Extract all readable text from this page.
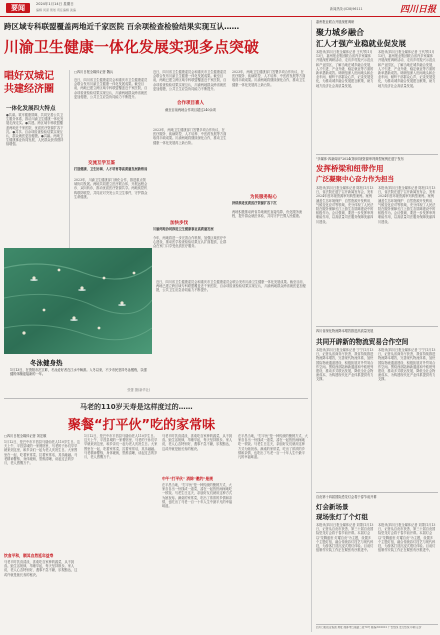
要闻	2024年1月14日 星期日
编辑 何谋 策划 责任编辑 美编	新闻热线:(028)96111	四川日报
跨区域专科联盟覆盖两地近千家医院 百余项检查检验结果实现互认……
川渝卫生健康一体化发展实现多点突破
唱好双城记
共建经济圈
一体化发展四大特点
●共谋。筑牢健康屏障，共同完善公共卫生服务体系，推动川渝卫生健康一体化发展走深走实。●共建。跨区域专科联盟覆盖两地近千家医院，优质医疗资源扩容下沉。●共享。百余项检查检验结果实现互认，群众就医更加便捷。●共赢。两地卫生健康事业协同发展，人民群众获得感持续增强。
□四川日报全媒体记者 魏兵
近日，四川省卫生健康委员会和重庆市卫生健康委员会联合发布川渝卫生健康一体化发展成果。截至目前，两地已建立跨区域专科联盟覆盖近千家医院，百余项检查检验结果实现互认，川渝两地群众跨省就医更加便捷，公共卫生应急协同能力不断提升。
交流互学互鉴
打造健康、卫生协调、人才培育等高质量发展新格局
2023年，川渝卫生健康部门深化合作，推进重点领域协同发展。两地共同建立医疗联合体，开展远程会诊、双向转诊，推动优质医疗资源共享。两地疾控机构联防联控，共同应对突发公共卫生事件，守护群众生命健康。
近日，四川省卫生健康委员会和重庆市卫生健康委员会联合发布川渝卫生健康一体化发展成果。截至目前，两地已建立跨区域专科联盟覆盖近千家医院，百余项检查检验结果实现互认，川渝两地群众跨省就医更加便捷，公共卫生应急协同能力不断提升。
合作项目喜人
截至目前两地合作项目超过240余项
2023年，两地卫生健康部门签署多项合作协议，在医疗服务、疾病防控、人才培养、中医药发展等方面取得丰硕成果。川渝两地将继续深化合作，推动卫生健康一体化发展再上新台阶。
加快步伐
川渝两地协同推进卫生健康事业高质量发展
今年，两地将进一步完善合作机制，加强区域医疗中心建设，推动医学检查检验结果互认扩面提质，让群众在家门口享受优质医疗服务。
2023年，两地卫生健康部门签署多项合作协议，在医疗服务、疾病防控、人才培养、中医药发展等方面取得丰硕成果。川渝两地将继续深化合作，推动卫生健康一体化发展再上新台阶。
为民服务贴心
持续推进优质医疗资源扩容下沉
两地积极推动跨省异地就医直接结算，优化服务流程，提升群众就医体验，共同守护巴蜀人民健康。
冬泳健身热
1月13日，在资阳市沱江畔，冬泳爱好者在江水中畅游。入冬以来，不少市民坚持冬泳锻炼，以强健的体魄迎接新的一年。
张蕾 摄(新华社)
近日，四川省卫生健康委员会和重庆市卫生健康委员会联合发布川渝卫生健康一体化发展成果。截至目前，两地已建立跨区域专科联盟覆盖近千家医院，百余项检查检验结果实现互认，川渝两地群众跨省就医更加便捷，公共卫生应急协同能力不断提升。
马老的110岁天寿是这样度过的……
聚餐“打平伙”吃的家常味
□四川日报全媒体记者 刘宏顺
1月12日，是巴中市平昌县马瑞仙老人110岁生日。这天上午，平昌县城的一家餐馆里，马老的子孙们早早就来到这里，和乡亲们一起为老人庆祝生日。大家围坐在一起，吃着家常菜，拉着家常话，其乐融融。马老精神矍铄，身体硬朗，思维清晰，谈起过去的岁月，老人感慨万千。
饮食平和，顺其自然延年益寿
马老平时饮食清淡，喜欢吃自家种的蔬菜，从不挑食。她生活规律，早睡早起，每天坚持散步。家人说，老人心态特别好，遇事不急不躁，乐观豁达，这或许就是她长寿的秘诀。
1月12日，是巴中市平昌县马瑞仙老人110岁生日。这天上午，平昌县城的一家餐馆里，马老的子孙们早早就来到这里，和乡亲们一起为老人庆祝生日。大家围坐在一起，吃着家常菜，拉着家常话，其乐融融。马老精神矍铄，身体硬朗，思维清晰，谈起过去的岁月，老人感慨万千。
马老平时饮食清淡，喜欢吃自家种的蔬菜，从不挑食。她生活规律，早睡早起，每天坚持散步。家人说，老人心态特别好，遇事不急不躁，乐观豁达，这或许就是她长寿的秘诀。
中午"打平伙" 消除"邀约"是规
在平昌当地，"打平伙"是一种传统的聚餐方式，大家各自出一份钱或一道菜，凑在一起热热闹闹地吃一顿饭。马老生日这天，亲朋好友们就用这种方式为她祝寿。满桌的家常菜，吃出了浓浓的乡情和亲情，也吃出了马老一百一十年人生中最平凡的幸福味道。
在平昌当地，"打平伙"是一种传统的聚餐方式，大家各自出一份钱或一道菜，凑在一起热热闹闹地吃一顿饭。马老生日这天，亲朋好友们就用这种方式为她祝寿。满桌的家常菜，吃出了浓浓的乡情和亲情，也吃出了马老一百一十年人生中最平凡的幸福味道。
嘉州报业联合开展深度调研
聚力城乡融合
汇人才强产业稳就业促发展
本报讯(四川日报全媒体记者 王代琴)1月13日，嘉州报业集团联合省内多家媒体开展深度调研活动，走访乡村振兴示范点和产业园区，了解当地在城乡融合发展、人才引进、产业升级、稳定就业等方面的新举措新成效。调研组深入田间地头和企业车间，倾听干部群众心声，记录发展变化，为推动城乡融合发展建言献策，助力地方经济社会高质量发展。
本报讯(四川日报全媒体记者 王代琴)1月13日，嘉州报业集团联合省内多家媒体开展深度调研活动，走访乡村振兴示范点和产业园区，了解当地在城乡融合发展、人才引进、产业升级、稳定就业等方面的新举措新成效。调研组深入田间地头和企业车间，倾听干部群众心声，记录发展变化，为推动城乡融合发展建言献策，助力地方经济社会高质量发展。
"多媒体·四新闻评"2024(第)环境资源审判典型案例在遂宁发布
发挥桥梁和纽带作用
广泛凝聚中心奋力作为担当
本报讯(四川日报全媒体记者 陈松)1月13日，省法院在遂宁召开新闻发布会，发布2024年度环境资源审判典型案例。案例涵盖生态环境保护、自然资源开发利用、气候变化应对等领域，充分体现了人民法院在服务保障长江上游生态屏障建设中的积极作为。会议强调，要进一步发挥审判职能作用，以高质量司法服务保障美丽四川建设。
本报讯(四川日报全媒体记者 陈松)1月13日，省法院在遂宁召开新闻发布会，发布2024年度环境资源审判典型案例。案例涵盖生态环境保护、自然资源开发利用、气候变化应对等领域，充分体现了人民法院在服务保障长江上游生态屏障建设中的积极作为。会议强调，要进一步发挥审判职能作用，以高质量司法服务保障美丽四川建设。
四川省深化物流降本增效推进高质量发展
共同开辟新的物流贸易合作空间
本报讯(四川日报全媒体记者 宁宁)1月13日，记者从省商务厅获悉，我省持续推进物流降本增效，完善现代物流体系，加快国际物流通道建设，积极拓展对外贸易合作空间。围绕西部陆海新通道和中欧班列建设，推动多式联运发展，降低全社会物流成本，为构建现代化产业体系提供有力支撑。
本报讯(四川日报全媒体记者 宁宁)1月13日，记者从省商务厅获悉，我省持续推进物流降本增效，完善现代物流体系，加快国际物流通道建设，积极拓展对外贸易合作空间。围绕西部陆海新通道和中欧班列建设，推动多式联运发展，降低全社会物流成本，为构建现代化产业体系提供有力支撑。
自贡第十四届国际恐龙灯会将于春节前开幕
灯会新场景
现场张灯了个灯组
本报讯(四川日报全媒体记者 刘菁)1月13日，记者从自贡市获悉，第三十届自贡国际恐龙灯会将于春节前开幕。本届灯会以"龙腾盛世 灯耀自贡"为主题，设置多个主题灯组，融合传统彩灯技艺与现代科技，为游客打造沉浸式观灯体验。目前灯组制作安装工作正在紧张有序推进中。
本报讯(四川日报全媒体记者 刘菁)1月13日，记者从自贡市获悉，第三十届自贡国际恐龙灯会将于春节前开幕。本届灯会以"龙腾盛世 灯耀自贡"为主题，设置多个主题灯组，融合传统彩灯技艺与现代科技，为游客打造沉浸式观灯体验。目前灯组制作安装工作正在紧张有序推进中。
四川日报报业集团 地址:成都市红星路二段70号 邮编:610012 广告热线 发行热线 印刷 定价
